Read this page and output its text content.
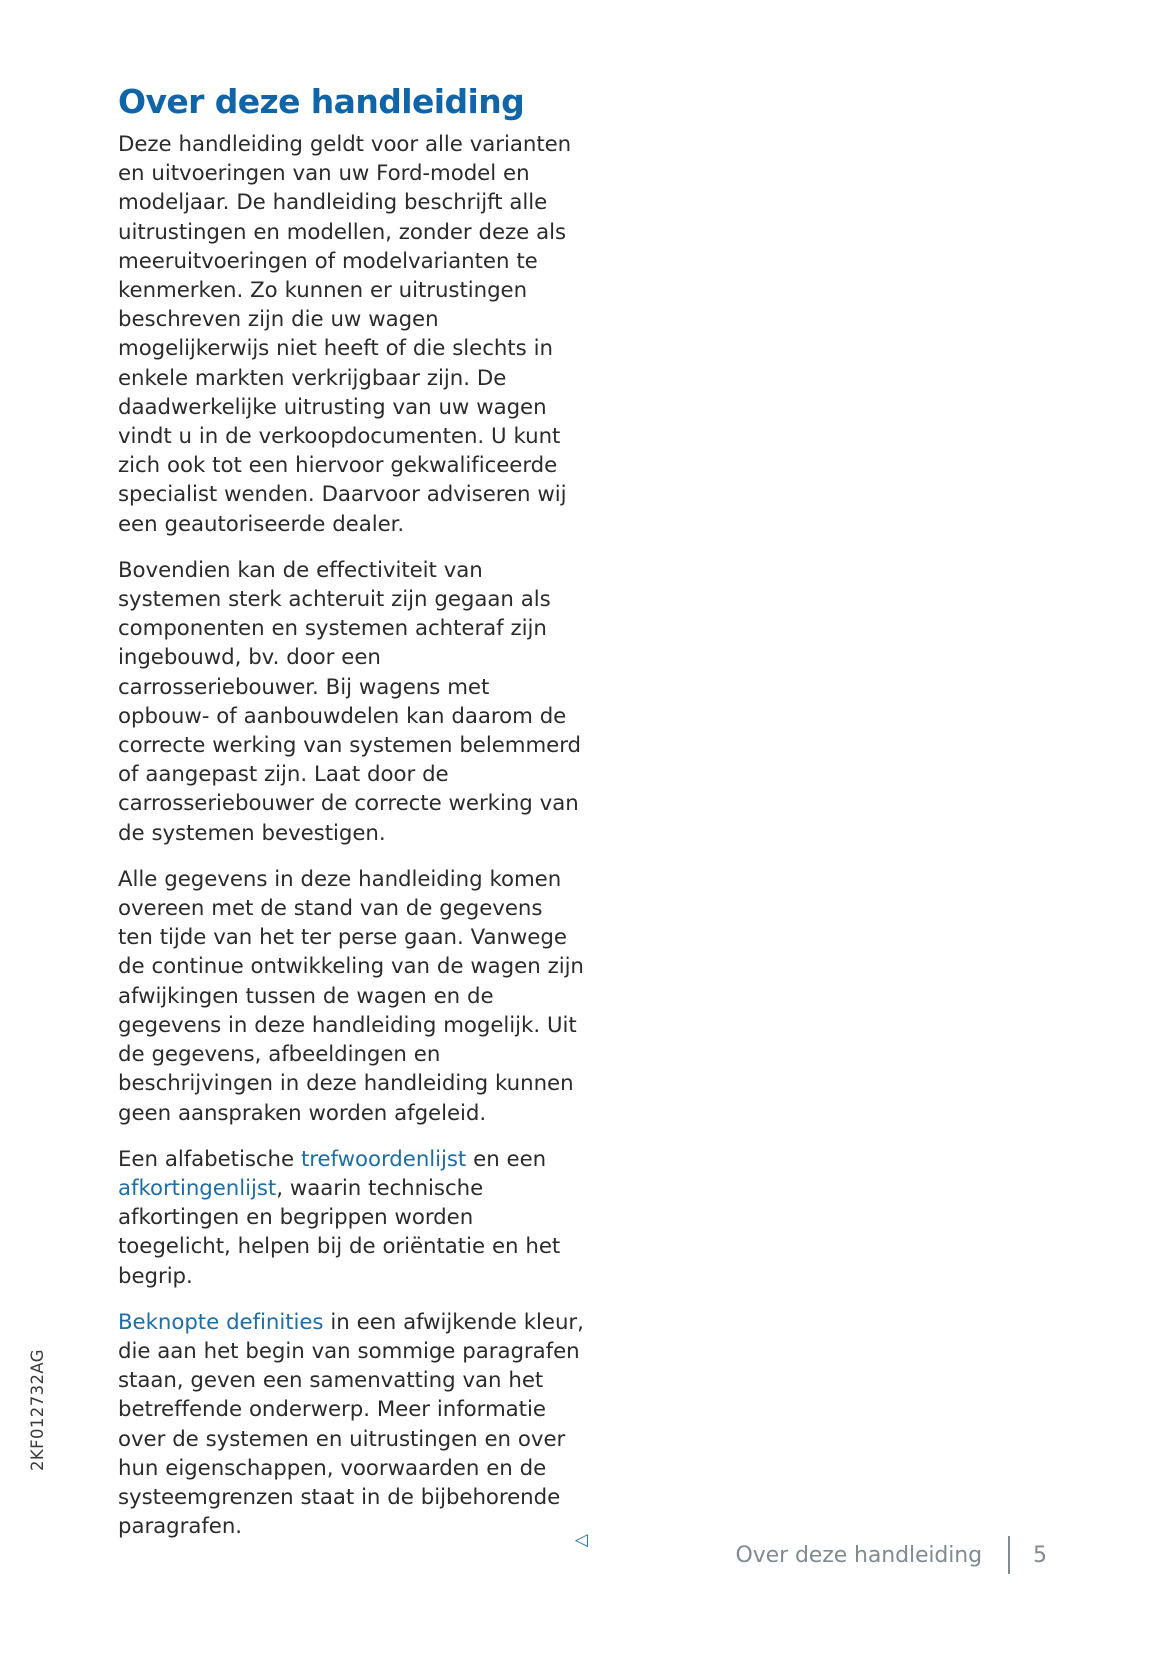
Over deze handleiding

Deze handleiding geldt voor alle varianten en uitvoeringen van uw Ford-model en modeljaar. De handleiding beschrijft alle uitrustingen en modellen, zonder deze als meeruitvoeringen of modelvarianten te kenmerken. Zo kunnen er uitrustingen beschreven zijn die uw wagen mogelijkerwijs niet heeft of die slechts in enkele markten verkrijgbaar zijn. De daadwerkelijke uitrusting van uw wagen vindt u in de verkoopdocumenten. U kunt zich ook tot een hiervoor gekwalificeerde specialist wenden. Daarvoor adviseren wij een geautoriseerde dealer.

Bovendien kan de effectiviteit van systemen sterk achteruit zijn gegaan als componenten en systemen achteraf zijn ingebouwd, bv. door een carrosseriebouwer. Bij wagens met opbouw- of aanbouwdelen kan daarom de correcte werking van systemen belemmerd of aangepast zijn. Laat door de carrosseriebouwer de correcte werking van de systemen bevestigen.

Alle gegevens in deze handleiding komen overeen met de stand van de gegevens ten tijde van het ter perse gaan. Vanwege de continue ontwikkeling van de wagen zijn afwijkingen tussen de wagen en de gegevens in deze handleiding mogelijk. Uit de gegevens, afbeeldingen en beschrijvingen in deze handleiding kunnen geen aanspraken worden afgeleid.

Een alfabetische trefwoordenlijst en een afkortingenlijst, waarin technische afkortingen en begrippen worden toegelicht, helpen bij de oriëntatie en het begrip.

Beknopte definities in een afwijkende kleur, die aan het begin van sommige paragrafen staan, geven een samenvatting van het betreffende onderwerp. Meer informatie over de systemen en uitrustingen en over hun eigenschappen, voorwaarden en de systeemgrenzen staat in de bijbehorende paragrafen.

◁
2KF012732AG
Over deze handleiding 5
